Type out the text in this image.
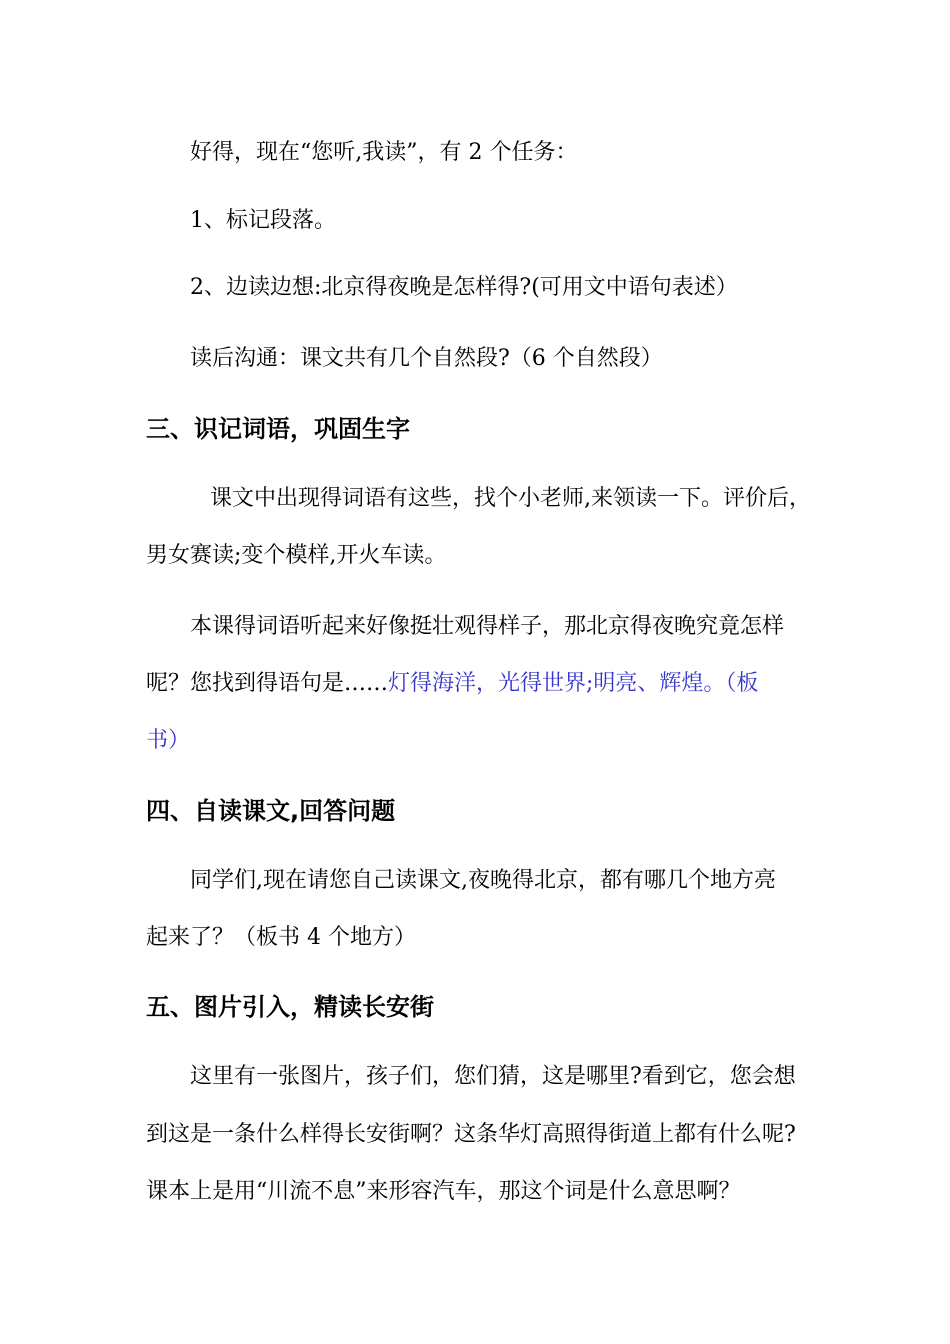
好得，现在“您听,我读”，有 2 个任务：

1、标记段落。

2、边读边想:北京得夜晚是怎样得?(可用文中语句表述）

读后沟通：课文共有几个自然段?（6 个自然段）

三、识记词语，巩固生字

课文中出现得词语有这些，找个小老师,来领读一下。评价后，

男女赛读;变个模样,开火车读。

本课得词语听起来好像挺壮观得样子，那北京得夜晚究竟怎样

呢？您找到得语句是……灯得海洋，光得世界;明亮、辉煌。（板

书）

四、自读课文,回答问题

同学们,现在请您自己读课文,夜晚得北京，都有哪几个地方亮

起来了？（板书 4 个地方）

五、图片引入，精读长安街

这里有一张图片，孩子们，您们猜，这是哪里?看到它，您会想

到这是一条什么样得长安街啊？这条华灯高照得街道上都有什么呢?

课本上是用“川流不息”来形容汽车，那这个词是什么意思啊？
